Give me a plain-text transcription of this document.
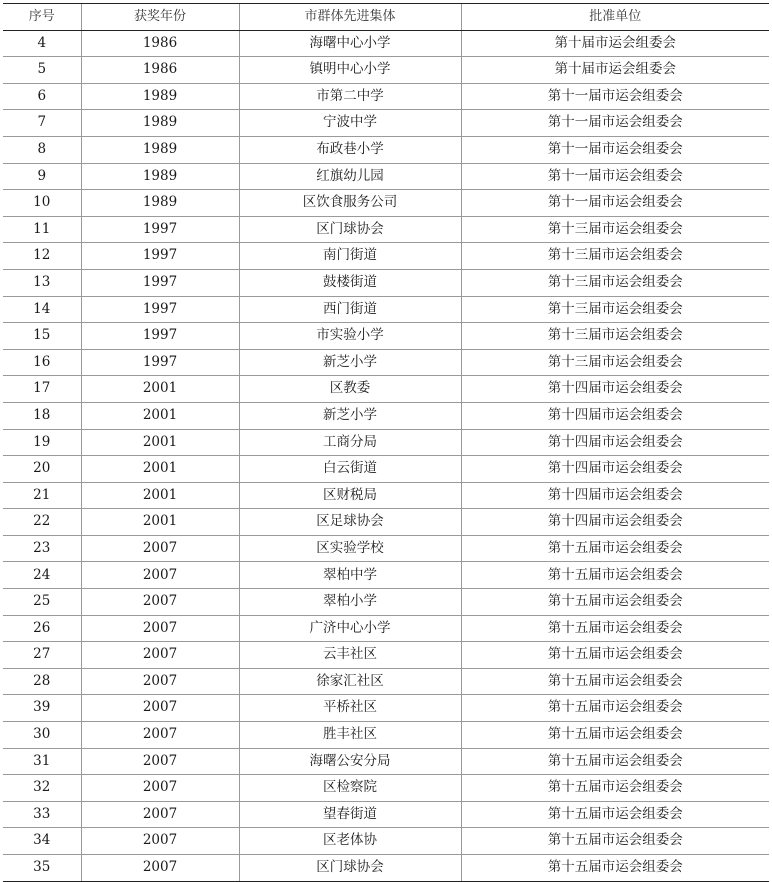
序号	获奖年份	市群体先进集体	批准单位
4	1986	海曙中心小学	第十届市运会组委会
5	1986	镇明中心小学	第十届市运会组委会
6	1989	市第二中学	第十一届市运会组委会
7	1989	宁波中学	第十一届市运会组委会
8	1989	布政巷小学	第十一届市运会组委会
9	1989	红旗幼儿园	第十一届市运会组委会
10	1989	区饮食服务公司	第十一届市运会组委会
11	1997	区门球协会	第十三届市运会组委会
12	1997	南门街道	第十三届市运会组委会
13	1997	鼓楼街道	第十三届市运会组委会
14	1997	西门街道	第十三届市运会组委会
15	1997	市实验小学	第十三届市运会组委会
16	1997	新芝小学	第十三届市运会组委会
17	2001	区教委	第十四届市运会组委会
18	2001	新芝小学	第十四届市运会组委会
19	2001	工商分局	第十四届市运会组委会
20	2001	白云街道	第十四届市运会组委会
21	2001	区财税局	第十四届市运会组委会
22	2001	区足球协会	第十四届市运会组委会
23	2007	区实验学校	第十五届市运会组委会
24	2007	翠柏中学	第十五届市运会组委会
25	2007	翠柏小学	第十五届市运会组委会
26	2007	广济中心小学	第十五届市运会组委会
27	2007	云丰社区	第十五届市运会组委会
28	2007	徐家汇社区	第十五届市运会组委会
39	2007	平桥社区	第十五届市运会组委会
30	2007	胜丰社区	第十五届市运会组委会
31	2007	海曙公安分局	第十五届市运会组委会
32	2007	区检察院	第十五届市运会组委会
33	2007	望春街道	第十五届市运会组委会
34	2007	区老体协	第十五届市运会组委会
35	2007	区门球协会	第十五届市运会组委会
